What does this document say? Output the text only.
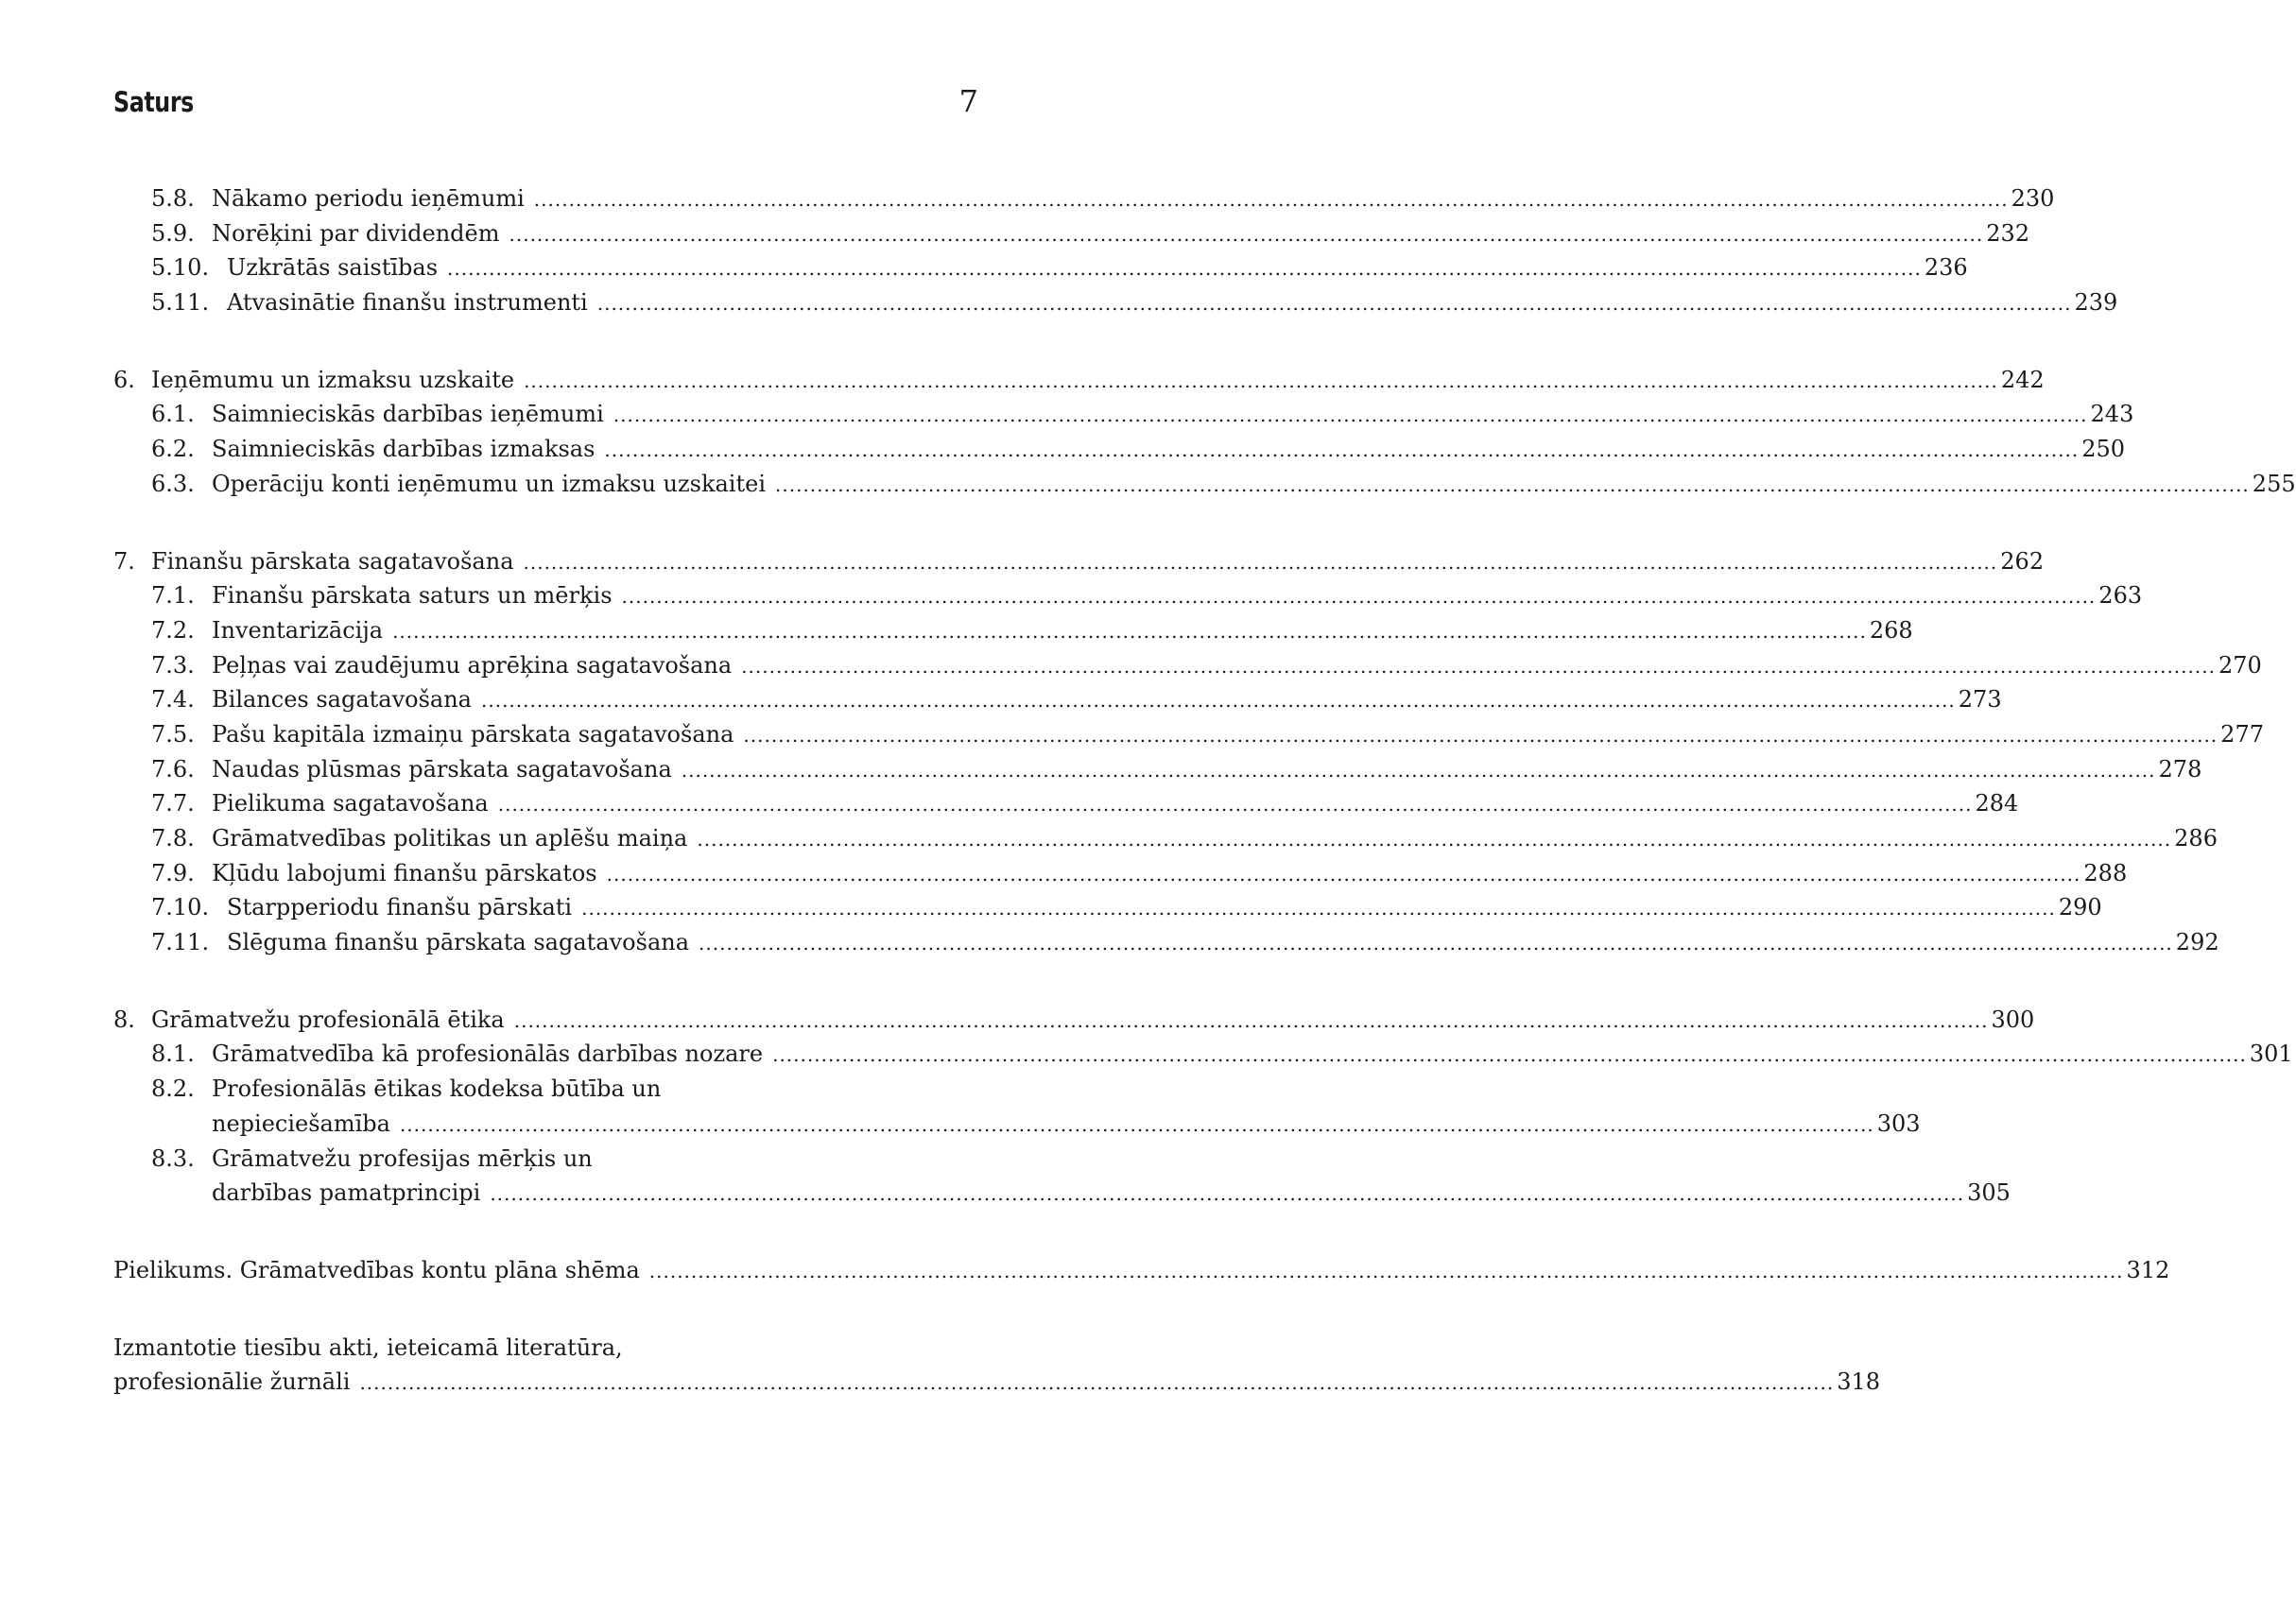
Saturs	7
5.8. Nākamo periodu ieņēmumi .....	230
5.9. Norēķini par dividendēm .....	232
5.10. Uzkrātās saistības .....	236
5.11. Atvasinātie finanšu instrumenti .....	239
6. Ieņēmumu un izmaksu uzskaite .....	242
6.1. Saimnieciskās darbības ieņēmumi .....	243
6.2. Saimnieciskās darbības izmaksas .....	250
6.3. Operāciju konti ieņēmumu un izmaksu uzskaitei .....	255
7. Finanšu pārskata sagatavošana .....	262
7.1. Finanšu pārskata saturs un mērķis .....	263
7.2. Inventarizācija .....	268
7.3. Peļņas vai zaudējumu aprēķina sagatavošana .....	270
7.4. Bilances sagatavošana .....	273
7.5. Pašu kapitāla izmaiņu pārskata sagatavošana .....	277
7.6. Naudas plūsmas pārskata sagatavošana .....	278
7.7. Pielikuma sagatavošana .....	284
7.8. Grāmatvedības politikas un aplēšu maiņa .....	286
7.9. Kļūdu labojumi finanšu pārskatos .....	288
7.10. Starpperiodu finanšu pārskati .....	290
7.11. Slēguma finanšu pārskata sagatavošana .....	292
8. Grāmatvežu profesionālā ētika .....	300
8.1. Grāmatvedība kā profesionālās darbības nozare .....	301
8.2. Profesionālās ētikas kodeksa būtība un
nepieciešamība .....	303
8.3. Grāmatvežu profesijas mērķis un
darbības pamatprincipi .....	305
Pielikums. Grāmatvedības kontu plāna shēma .....	312
Izmantotie tiesību akti, ieteicamā literatūra,
profesionālie žurnāli .....	318
